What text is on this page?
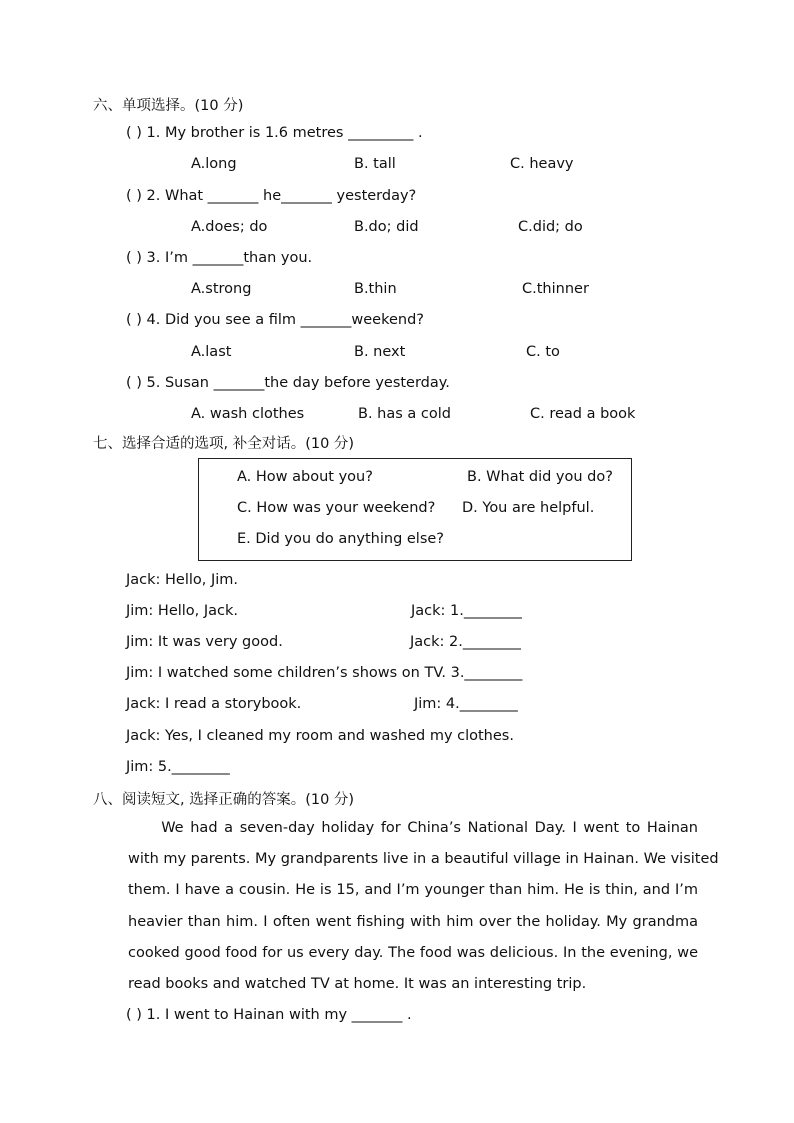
六、单项选择。(10 分)
( ) 1. My brother is 1.6 metres _________ .
A.long	B. tall	C. heavy
( ) 2. What _______ he_______ yesterday?
A.does; do	B.do; did	C.did; do
( ) 3. I’m _______than you.
A.strong	B.thin	C.thinner
( ) 4. Did you see a film _______weekend?
A.last	B. next	C. to
( ) 5. Susan _______the day before yesterday.
A. wash clothes	B. has a cold	C. read a book
七、选择合适的选项, 补全对话。(10 分)
A. How about you?	B. What did you do?
C. How was your weekend? D. You are helpful.
E. Did you do anything else?
Jack: Hello, Jim.
Jim: Hello, Jack.	Jack: 1.________
Jim: It was very good.	Jack: 2.________
Jim: I watched some children’s shows on TV. 3.________
Jack: I read a storybook.	Jim: 4.________
Jack: Yes, I cleaned my room and washed my clothes.
Jim: 5.________
八、阅读短文, 选择正确的答案。(10 分)
We had a seven-day holiday for China’s National Day. I went to Hainan
with my parents. My grandparents live in a beautiful village in Hainan. We visited
them. I have a cousin. He is 15, and I’m younger than him. He is thin, and I’m
heavier than him. I often went fishing with him over the holiday. My grandma
cooked good food for us every day. The food was delicious. In the evening, we
read books and watched TV at home. It was an interesting trip.
( ) 1. I went to Hainan with my _______ .
